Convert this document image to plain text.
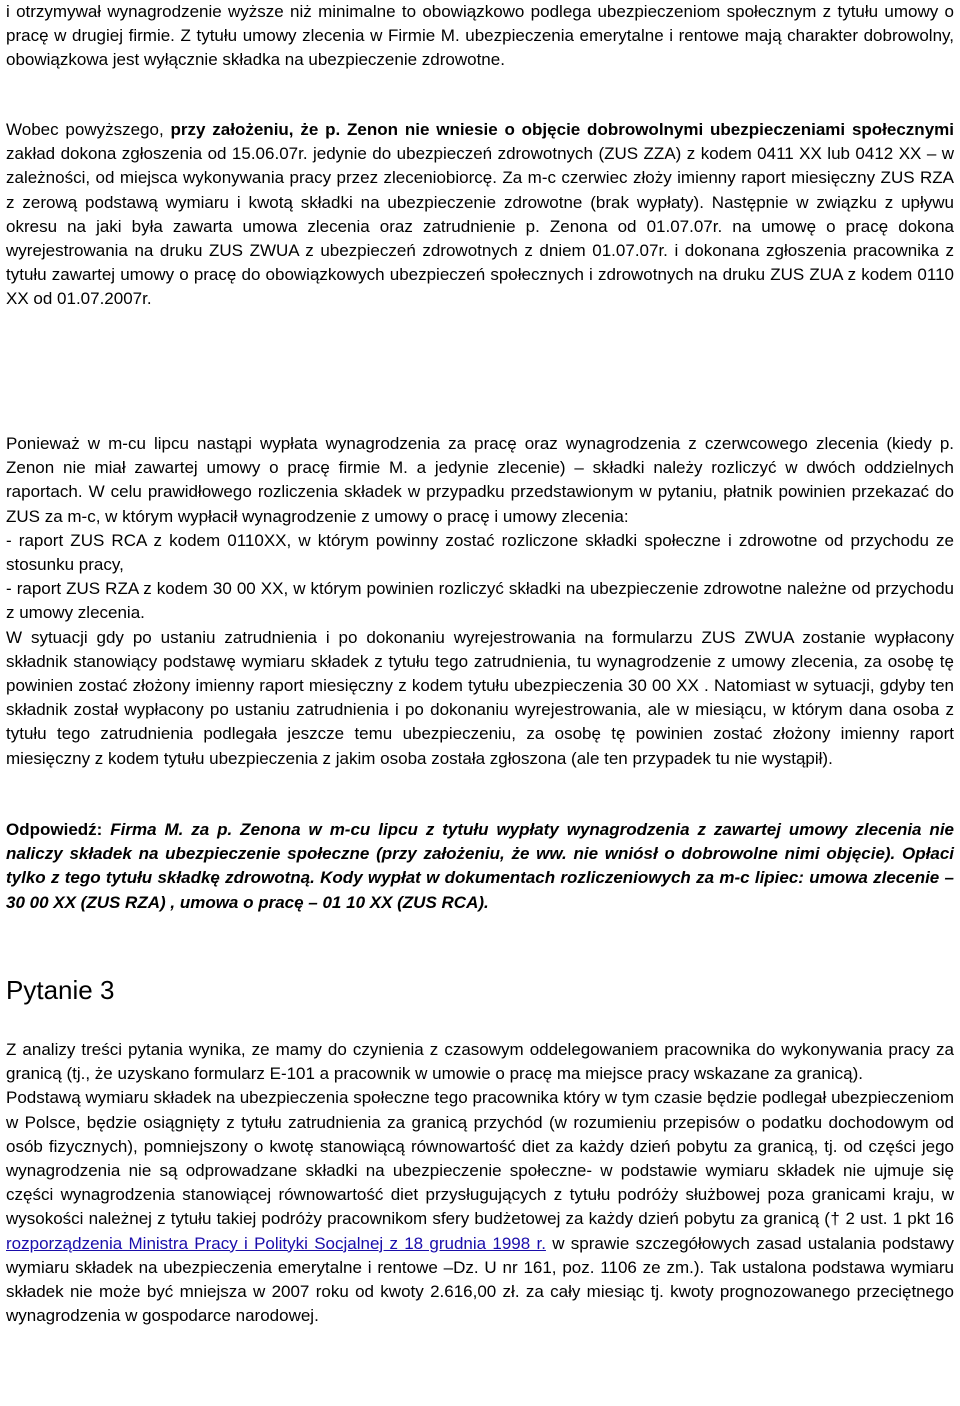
i otrzymywał wynagrodzenie wyższe niż minimalne to obowiązkowo podlega ubezpieczeniom społecznym z tytułu umowy o pracę w drugiej firmie. Z tytułu umowy zlecenia w Firmie M. ubezpieczenia emerytalne i rentowe mają charakter dobrowolny, obowiązkowa jest wyłącznie składka na ubezpieczenie zdrowotne.

Wobec powyższego, przy założeniu, że p. Zenon nie wniesie o objęcie dobrowolnymi ubezpieczeniami społecznymi zakład dokona zgłoszenia od 15.06.07r. jedynie do ubezpieczeń zdrowotnych (ZUS ZZA) z kodem 0411 XX lub 0412 XX – w zależności, od miejsca wykonywania pracy przez zleceniobiorcę. Za m-c czerwiec złoży imienny raport miesięczny ZUS RZA z zerową podstawą wymiaru i kwotą składki na ubezpieczenie zdrowotne (brak wypłaty). Następnie w związku z upływu okresu na jaki była zawarta umowa zlecenia oraz zatrudnienie p. Zenona od 01.07.07r. na umowę o pracę dokona wyrejestrowania na druku ZUS ZWUA z ubezpieczeń zdrowotnych z dniem 01.07.07r. i dokonana zgłoszenia pracownika z tytułu zawartej umowy o pracę do obowiązkowych ubezpieczeń społecznych i zdrowotnych na druku ZUS ZUA z kodem 0110 XX od 01.07.2007r.

Ponieważ w m-cu lipcu nastąpi wypłata wynagrodzenia za pracę oraz wynagrodzenia z czerwcowego zlecenia (kiedy p. Zenon nie miał zawartej umowy o pracę firmie M. a jedynie zlecenie) – składki należy rozliczyć w dwóch oddzielnych raportach. W celu prawidłowego rozliczenia składek w przypadku przedstawionym w pytaniu, płatnik powinien przekazać do ZUS za m-c, w którym wypłacił wynagrodzenie z umowy o pracę i umowy zlecenia:

- raport ZUS RCA z kodem 0110XX, w którym powinny zostać rozliczone składki społeczne i zdrowotne od przychodu ze stosunku pracy,

- raport ZUS RZA z kodem 30 00 XX, w którym powinien rozliczyć składki na ubezpieczenie zdrowotne należne od przychodu z umowy zlecenia.

W sytuacji gdy po ustaniu zatrudnienia i po dokonaniu wyrejestrowania na formularzu ZUS ZWUA zostanie wypłacony składnik stanowiący podstawę wymiaru składek z tytułu tego zatrudnienia, tu wynagrodzenie z umowy zlecenia, za osobę tę powinien zostać złożony imienny raport miesięczny z kodem tytułu ubezpieczenia 30 00 XX . Natomiast w sytuacji, gdyby ten składnik został wypłacony po ustaniu zatrudnienia i po dokonaniu wyrejestrowania, ale w miesiącu, w którym dana osoba z tytułu tego zatrudnienia podlegała jeszcze temu ubezpieczeniu, za osobę tę powinien zostać złożony imienny raport miesięczny z kodem tytułu ubezpieczenia z jakim osoba została zgłoszona (ale ten przypadek tu nie wystąpił).

Odpowiedź: Firma M. za p. Zenona w m-cu lipcu z tytułu wypłaty wynagrodzenia z zawartej umowy zlecenia nie naliczy składek na ubezpieczenie społeczne (przy założeniu, że ww. nie wniósł o dobrowolne nimi objęcie). Opłaci tylko z tego tytułu składkę zdrowotną. Kody wypłat w dokumentach rozliczeniowych za m-c lipiec: umowa zlecenie – 30 00 XX (ZUS RZA) , umowa o pracę – 01 10 XX (ZUS RCA).

Pytanie 3

Z analizy treści pytania wynika, ze mamy do czynienia z czasowym oddelegowaniem pracownika do wykonywania pracy za granicą (tj., że uzyskano formularz E-101 a pracownik w umowie o pracę ma miejsce pracy wskazane za granicą).

Podstawą wymiaru składek na ubezpieczenia społeczne tego pracownika który w tym czasie będzie podlegał ubezpieczeniom w Polsce, będzie osiągnięty z tytułu zatrudnienia za granicą przychód (w rozumieniu przepisów o podatku dochodowym od osób fizycznych), pomniejszony o kwotę stanowiącą równowartość diet za każdy dzień pobytu za granicą, tj. od części jego wynagrodzenia nie są odprowadzane składki na ubezpieczenie społeczne- w podstawie wymiaru składek nie ujmuje się części wynagrodzenia stanowiącej równowartość diet przysługujących z tytułu podróży służbowej poza granicami kraju, w wysokości należnej z tytułu takiej podróży pracownikom sfery budżetowej za każdy dzień pobytu za granicą († 2 ust. 1 pkt 16 rozporządzenia Ministra Pracy i Polityki Socjalnej z 18 grudnia 1998 r. w sprawie szczegółowych zasad ustalania podstawy wymiaru składek na ubezpieczenia emerytalne i rentowe –Dz. U nr 161, poz. 1106 ze zm.). Tak ustalona podstawa wymiaru składek nie może być mniejsza w 2007 roku od kwoty 2.616,00 zł. za cały miesiąc tj. kwoty prognozowanego przeciętnego wynagrodzenia w gospodarce narodowej.
